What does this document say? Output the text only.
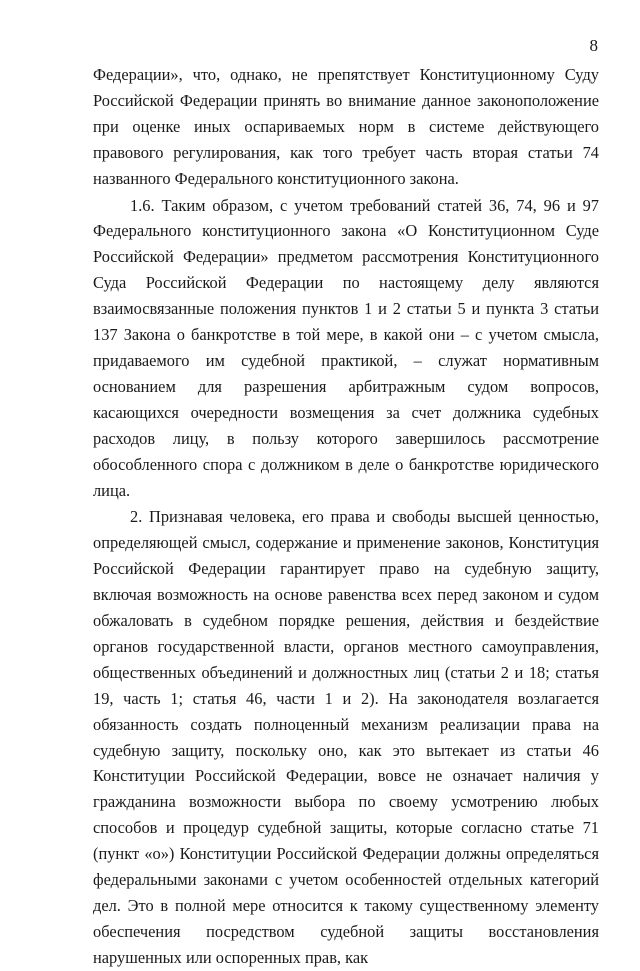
8

Федерации», что, однако, не препятствует Конституционному Суду Российской Федерации принять во внимание данное законоположение при оценке иных оспариваемых норм в системе действующего правового регулирования, как того требует часть вторая статьи 74 названного Федерального конституционного закона.

1.6. Таким образом, с учетом требований статей 36, 74, 96 и 97 Федерального конституционного закона «О Конституционном Суде Российской Федерации» предметом рассмотрения Конституционного Суда Российской Федерации по настоящему делу являются взаимосвязанные положения пунктов 1 и 2 статьи 5 и пункта 3 статьи 137 Закона о банкротстве в той мере, в какой они – с учетом смысла, придаваемого им судебной практикой, – служат нормативным основанием для разрешения арбитражным судом вопросов, касающихся очередности возмещения за счет должника судебных расходов лицу, в пользу которого завершилось рассмотрение обособленного спора с должником в деле о банкротстве юридического лица.

2. Признавая человека, его права и свободы высшей ценностью, определяющей смысл, содержание и применение законов, Конституция Российской Федерации гарантирует право на судебную защиту, включая возможность на основе равенства всех перед законом и судом обжаловать в судебном порядке решения, действия и бездействие органов государственной власти, органов местного самоуправления, общественных объединений и должностных лиц (статьи 2 и 18; статья 19, часть 1; статья 46, части 1 и 2). На законодателя возлагается обязанность создать полноценный механизм реализации права на судебную защиту, поскольку оно, как это вытекает из статьи 46 Конституции Российской Федерации, вовсе не означает наличия у гражданина возможности выбора по своему усмотрению любых способов и процедур судебной защиты, которые согласно статье 71 (пункт «о») Конституции Российской Федерации должны определяться федеральными законами с учетом особенностей отдельных категорий дел. Это в полной мере относится к такому существенному элементу обеспечения посредством судебной защиты восстановления нарушенных или оспоренных прав, как
